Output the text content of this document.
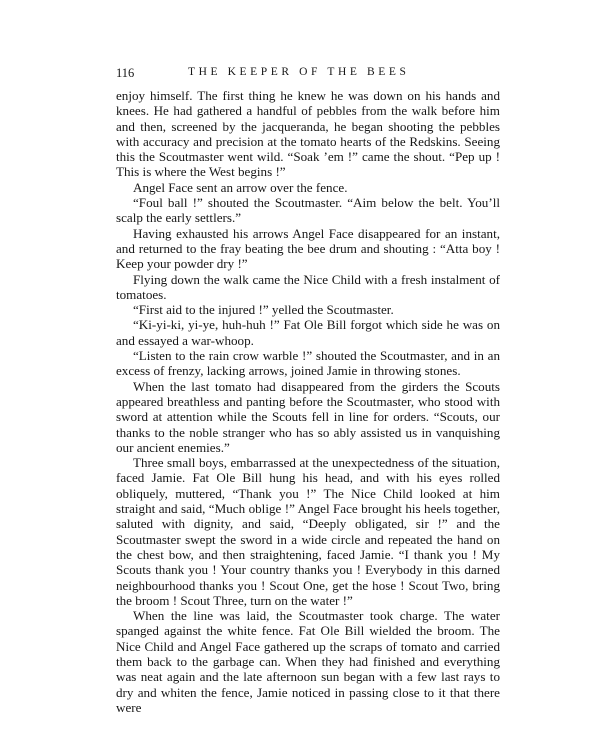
116	THE KEEPER OF THE BEES

enjoy himself. The first thing he knew he was down on his hands and knees. He had gathered a handful of pebbles from the walk before him and then, screened by the jacqueranda, he began shooting the pebbles with accuracy and precision at the tomato hearts of the Redskins. Seeing this the Scoutmaster went wild. “Soak ’em !” came the shout. “Pep up ! This is where the West begins !”

Angel Face sent an arrow over the fence.

“Foul ball !” shouted the Scoutmaster. “Aim below the belt. You’ll scalp the early settlers.”

Having exhausted his arrows Angel Face disappeared for an instant, and returned to the fray beating the bee drum and shouting : “Atta boy ! Keep your powder dry !”

Flying down the walk came the Nice Child with a fresh instalment of tomatoes.

“First aid to the injured !” yelled the Scoutmaster.

“Ki-yi-ki, yi-ye, huh-huh !” Fat Ole Bill forgot which side he was on and essayed a war-whoop.

“Listen to the rain crow warble !” shouted the Scoutmaster, and in an excess of frenzy, lacking arrows, joined Jamie in throwing stones.

When the last tomato had disappeared from the girders the Scouts appeared breathless and panting before the Scoutmaster, who stood with sword at attention while the Scouts fell in line for orders. “Scouts, our thanks to the noble stranger who has so ably assisted us in vanquishing our ancient enemies.”

Three small boys, embarrassed at the unexpectedness of the situation, faced Jamie. Fat Ole Bill hung his head, and with his eyes rolled obliquely, muttered, “Thank you !” The Nice Child looked at him straight and said, “Much oblige !” Angel Face brought his heels together, saluted with dignity, and said, “Deeply obligated, sir !” and the Scoutmaster swept the sword in a wide circle and repeated the hand on the chest bow, and then straightening, faced Jamie. “I thank you ! My Scouts thank you ! Your country thanks you ! Everybody in this darned neighbourhood thanks you ! Scout One, get the hose ! Scout Two, bring the broom ! Scout Three, turn on the water !”

When the line was laid, the Scoutmaster took charge. The water spanged against the white fence. Fat Ole Bill wielded the broom. The Nice Child and Angel Face gathered up the scraps of tomato and carried them back to the garbage can. When they had finished and everything was neat again and the late afternoon sun began with a few last rays to dry and whiten the fence, Jamie noticed in passing close to it that there were
